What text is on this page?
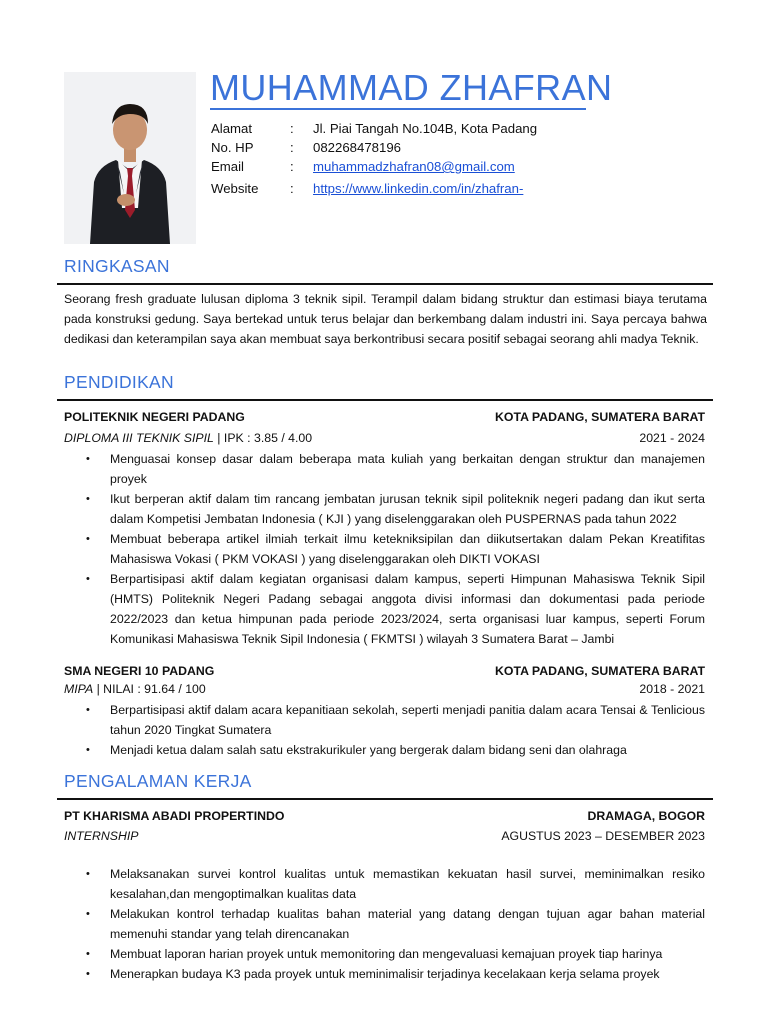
MUHAMMAD ZHAFRAN
Alamat	: Jl. Piai Tangah No.104B, Kota Padang
No. HP	: 082268478196
Email	: muhammadzhafran08@gmail.com
Website : https://www.linkedin.com/in/zhafran-
RINGKASAN
Seorang fresh graduate lulusan diploma 3 teknik sipil. Terampil dalam bidang struktur dan estimasi biaya terutama pada konstruksi gedung. Saya bertekad untuk terus belajar dan berkembang dalam industri ini. Saya percaya bahwa dedikasi dan keterampilan saya akan membuat saya berkontribusi secara positif sebagai seorang ahli madya Teknik.
PENDIDIKAN
POLITEKNIK NEGERI PADANG	KOTA PADANG, SUMATERA BARAT
DIPLOMA III TEKNIK SIPIL | IPK : 3.85 / 4.00	2021 - 2024
• Menguasai konsep dasar dalam beberapa mata kuliah yang berkaitan dengan struktur dan manajemen proyek
• Ikut berperan aktif dalam tim rancang jembatan jurusan teknik sipil politeknik negeri padang dan ikut serta dalam Kompetisi Jembatan Indonesia ( KJI ) yang diselenggarakan oleh PUSPERNAS pada tahun 2022
• Membuat beberapa artikel ilmiah terkait ilmu ketekniksipilan dan diikutsertakan dalam Pekan Kreatifitas Mahasiswa Vokasi ( PKM VOKASI ) yang diselenggarakan oleh DIKTI VOKASI
• Berpartisipasi aktif dalam kegiatan organisasi dalam kampus, seperti Himpunan Mahasiswa Teknik Sipil (HMTS) Politeknik Negeri Padang sebagai anggota divisi informasi dan dokumentasi pada periode 2022/2023 dan ketua himpunan pada periode 2023/2024, serta organisasi luar kampus, seperti Forum Komunikasi Mahasiswa Teknik Sipil Indonesia ( FKMTSI ) wilayah 3 Sumatera Barat – Jambi
SMA NEGERI 10 PADANG	KOTA PADANG, SUMATERA BARAT
MIPA | NILAI : 91.64 / 100	2018 - 2021
• Berpartisipasi aktif dalam acara kepanitiaan sekolah, seperti menjadi panitia dalam acara Tensai & Tenlicious tahun 2020 Tingkat Sumatera
• Menjadi ketua dalam salah satu ekstrakurikuler yang bergerak dalam bidang seni dan olahraga
PENGALAMAN KERJA
PT KHARISMA ABADI PROPERTINDO	DRAMAGA, BOGOR
INTERNSHIP	AGUSTUS 2023 – DESEMBER 2023
• Melaksanakan survei kontrol kualitas untuk memastikan kekuatan hasil survei, meminimalkan resiko kesalahan,dan mengoptimalkan kualitas data
• Melakukan kontrol terhadap kualitas bahan material yang datang dengan tujuan agar bahan material memenuhi standar yang telah direncanakan
• Membuat laporan harian proyek untuk memonitoring dan mengevaluasi kemajuan proyek tiap harinya
• Menerapkan budaya K3 pada proyek untuk meminimalisir terjadinya kecelakaan kerja selama proyek
